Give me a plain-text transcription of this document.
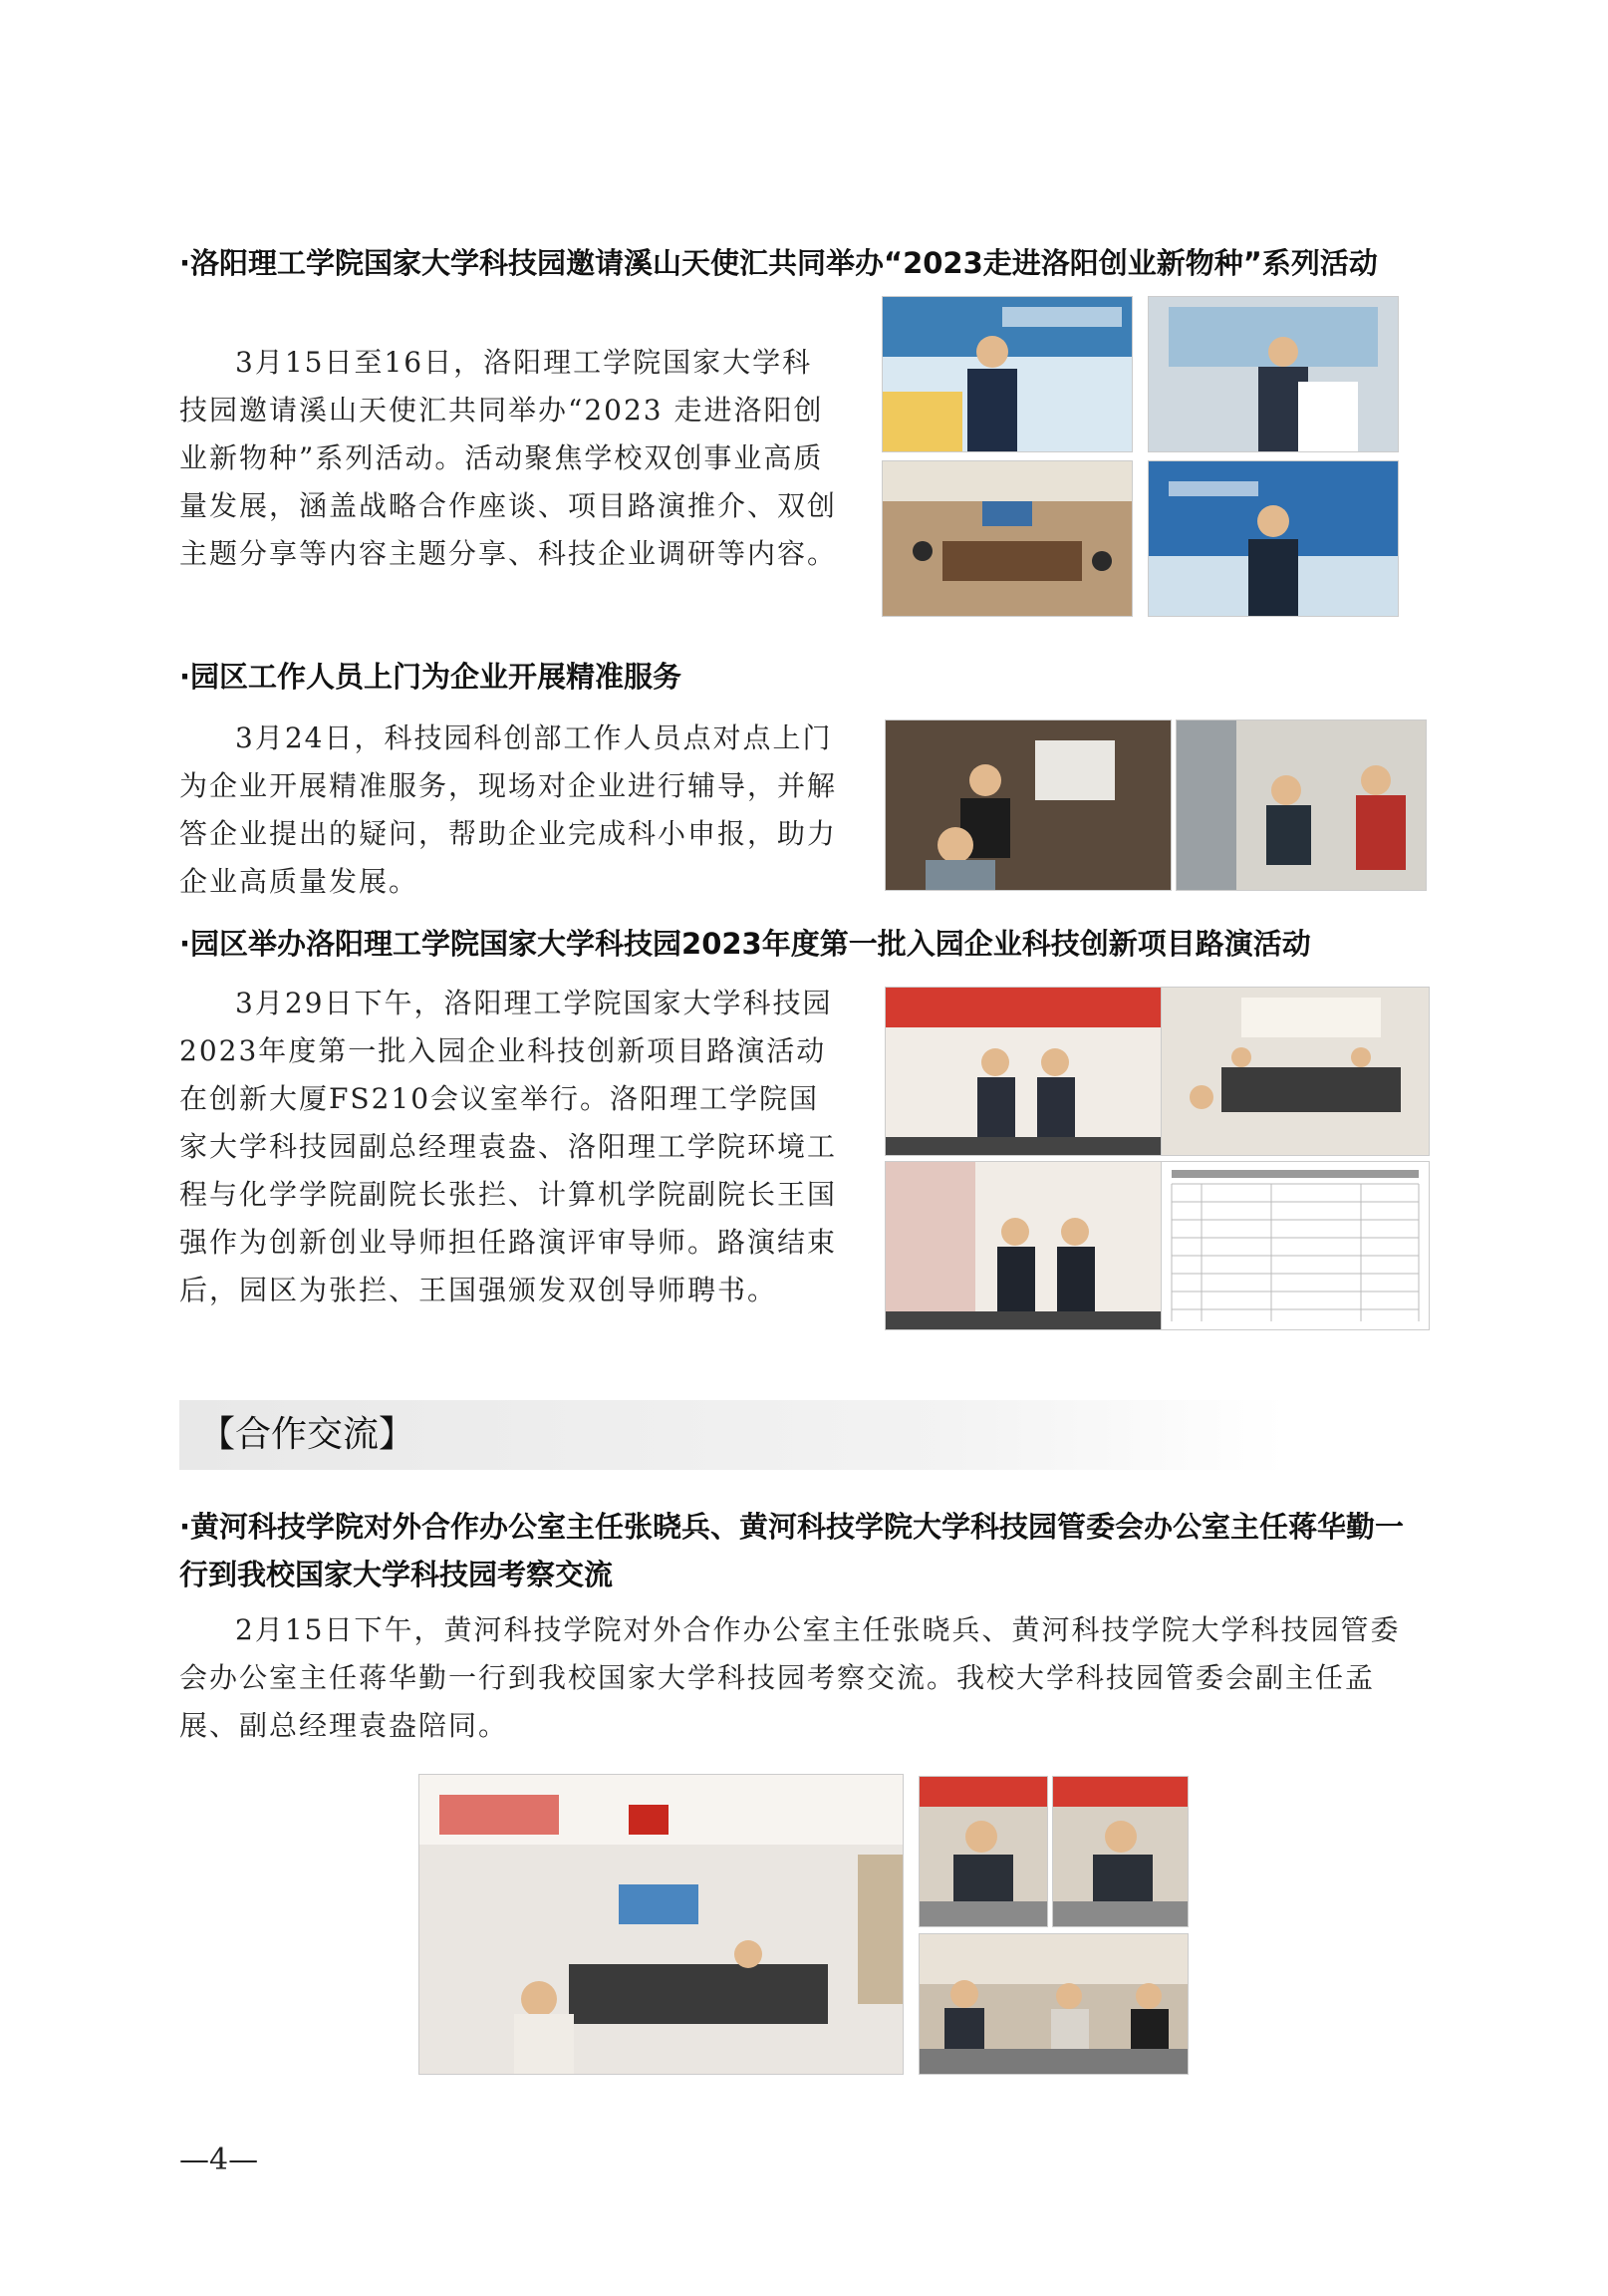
·洛阳理工学院国家大学科技园邀请溪山天使汇共同举办“2023走进洛阳创业新物种”系列活动

3月15日至16日，洛阳理工学院国家大学科技园邀请溪山天使汇共同举办“2023 走进洛阳创业新物种”系列活动。活动聚焦学校双创事业高质量发展，涵盖战略合作座谈、项目路演推介、双创主题分享等内容主题分享、科技企业调研等内容。

·园区工作人员上门为企业开展精准服务

3月24日，科技园科创部工作人员点对点上门为企业开展精准服务，现场对企业进行辅导，并解答企业提出的疑问，帮助企业完成科小申报，助力企业高质量发展。

·园区举办洛阳理工学院国家大学科技园2023年度第一批入园企业科技创新项目路演活动

3月29日下午，洛阳理工学院国家大学科技园2023年度第一批入园企业科技创新项目路演活动在创新大厦FS210会议室举行。洛阳理工学院国家大学科技园副总经理袁盎、洛阳理工学院环境工程与化学学院副院长张拦、计算机学院副院长王国强作为创新创业导师担任路演评审导师。路演结束后，园区为张拦、王国强颁发双创导师聘书。

【合作交流】
·黄河科技学院对外合作办公室主任张晓兵、黄河科技学院大学科技园管委会办公室主任蒋华勤一行到我校国家大学科技园考察交流

2月15日下午，黄河科技学院对外合作办公室主任张晓兵、黄河科技学院大学科技园管委会办公室主任蒋华勤一行到我校国家大学科技园考察交流。我校大学科技园管委会副主任孟展、副总经理袁盎陪同。

—4—
